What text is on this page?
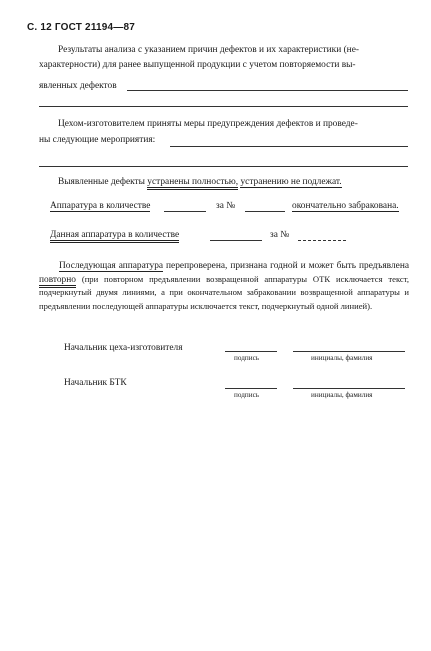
С. 12 ГОСТ 21194—87
Результаты анализа с указанием причин дефектов и их характеристики (не-
характерности) для ранее выпущенной продукции с учетом повторяемости вы-
явленных дефектов
Цехом-изготовителем приняты меры предупреждения дефектов и проведе-
ны следующие мероприятия:
Выявленные дефекты устранены полностью, устранению не подлежат.
Аппаратура в количестве	за №	окончательно забракована.
Данная аппаратура в количестве	за №
Последующая аппаратура перепроверена, признана годной и может быть предъявлена повторно (при повторном предъявлении возвращенной аппаратуры ОТК исключается текст, подчеркнутый двумя линиями, а при окончательном забраковании возвращенной аппаратуры и предъявлении последующей аппаратуры исключается текст, подчеркнутый одной линией).
Начальник цеха-изготовителя
подпись	инициалы, фамилия
Начальник БТК
подпись	инициалы, фамилия
